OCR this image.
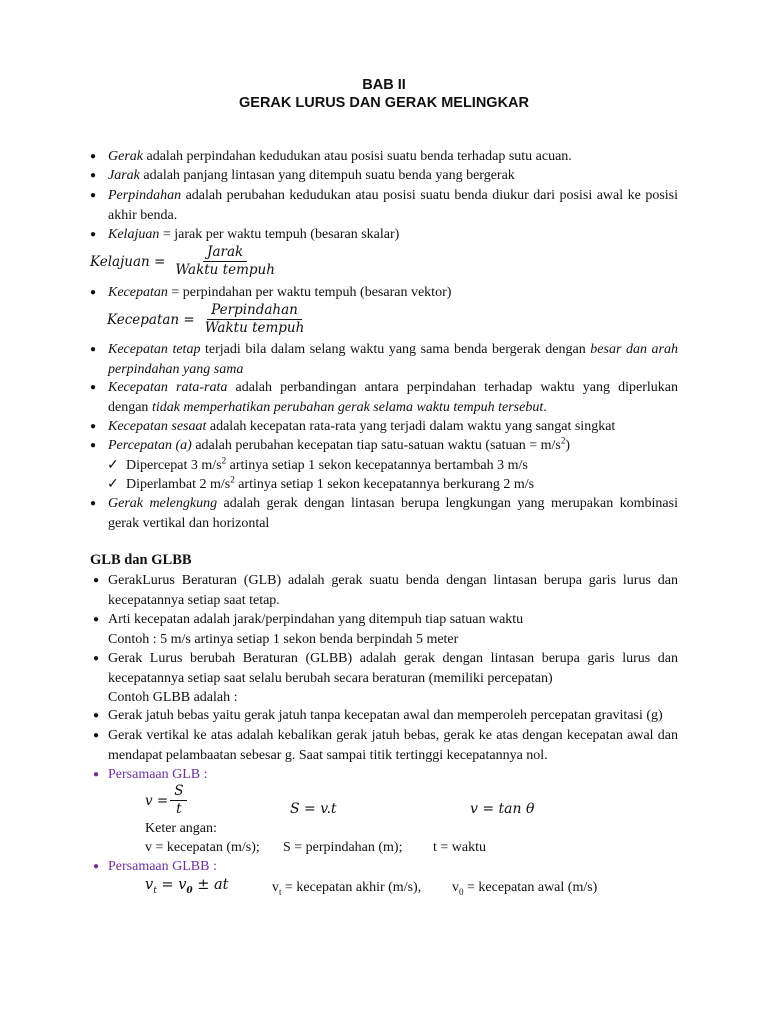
BAB II
GERAK LURUS DAN GERAK MELINGKAR
● Gerak adalah perpindahan kedudukan atau posisi suatu benda terhadap sutu acuan.
● Jarak adalah panjang lintasan yang ditempuh suatu benda yang bergerak
● Perpindahan adalah perubahan kedudukan atau posisi suatu benda diukur dari posisi awal ke posisi akhir benda.
● Kelajuan = jarak per waktu tempuh (besaran skalar)
Kelajuan = $\frac{\text{Jarak}}{\text{Waktu tempuh}}$
● Kecepatan = perpindahan per waktu tempuh (besaran vektor)
Kecepatan = $\frac{\text{Perpindahan}}{\text{Waktu tempuh}}$
● Kecepatan tetap terjadi bila dalam selang waktu yang sama benda bergerak dengan besar dan arah perpindahan yang sama
● Kecepatan rata-rata adalah perbandingan antara perpindahan terhadap waktu yang diperlukan dengan tidak memperhatikan perubahan gerak selama waktu tempuh tersebut.
● Kecepatan sesaat adalah kecepatan rata-rata yang terjadi dalam waktu yang sangat singkat
● Percepatan (a) adalah perubahan kecepatan tiap satu-satuan waktu (satuan = $m/s^2$)
✓ Dipercepat 3 $m/s^2$ artinya setiap 1 sekon kecepatannya bertambah 3 m/s
✓ Diperlambat 2 $m/s^2$ artinya setiap 1 sekon kecepatannya berkurang 2 m/s
● Gerak melengkung adalah gerak dengan lintasan berupa lengkungan yang merupakan kombinasi gerak vertikal dan horizontal
GLB dan GLBB
● GerakLurus Beraturan (GLB) adalah gerak suatu benda dengan lintasan berupa garis lurus dan kecepatannya setiap saat tetap.
● Arti kecepatan adalah jarak/perpindahan yang ditempuh tiap satuan waktu
Contoh : 5 m/s artinya setiap 1 sekon benda berpindah 5 meter
● Gerak Lurus berubah Beraturan (GLBB) adalah gerak dengan lintasan berupa garis lurus dan kecepatannya setiap saat selalu berubah secara beraturan (memiliki percepatan)
Contoh GLBB adalah :
● Gerak jatuh bebas yaitu gerak jatuh tanpa kecepatan awal dan memperoleh percepatan gravitasi (g)
● Gerak vertikal ke atas adalah kebalikan gerak jatuh bebas, gerak ke atas dengan kecepatan awal dan mendapat pelambaatan sebesar g. Saat sampai titik tertinggi kecepatannya nol.
● Persamaan GLB :
$v = \frac{S}{t}$	S = v.t	v = tan θ
Keter angan:
v = kecepatan (m/s); S = perpindahan (m); t = waktu
● Persamaan GLBB :
$v_t = v_0$ ± at	$v_t$ = kecepatan akhir (m/s), $v_0$ = kecepatan awal (m/s)
